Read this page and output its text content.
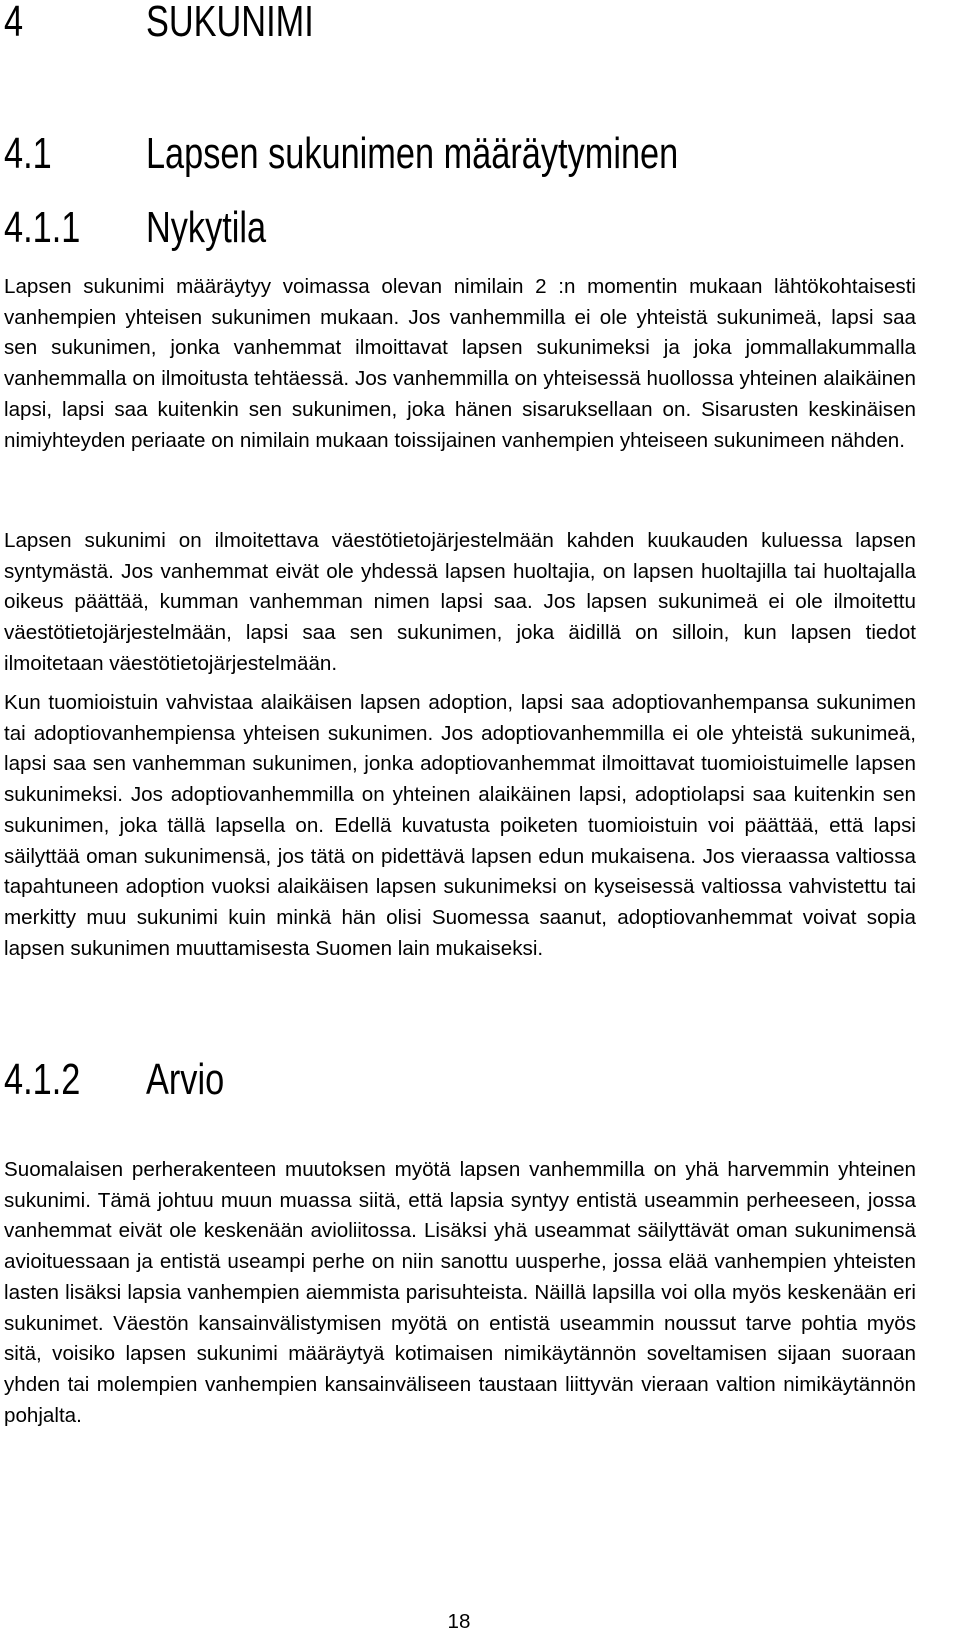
4	SUKUNIMI
4.1 Lapsen sukunimen määräytyminen
4.1.1 Nykytila

Lapsen sukunimi määräytyy voimassa olevan nimilain 2 :n momentin mukaan lähtökohtaisesti vanhempien yhteisen sukunimen mukaan. Jos vanhemmilla ei ole yhteistä sukunimeä, lapsi saa sen sukunimen, jonka vanhemmat ilmoittavat lapsen sukunimeksi ja joka jommallakummalla vanhemmalla on ilmoitusta tehtäessä. Jos vanhemmilla on yhteisessä huollossa yhteinen alaikäinen lapsi, lapsi saa kuitenkin sen sukunimen, joka hänen sisaruksellaan on. Sisarusten keskinäisen nimiyhteyden periaate on nimilain mukaan toissijainen vanhempien yhteiseen sukunimeen nähden.

Lapsen sukunimi on ilmoitettava väestötietojärjestelmään kahden kuukauden kuluessa lapsen syntymästä. Jos vanhemmat eivät ole yhdessä lapsen huoltajia, on lapsen huoltajilla tai huoltajalla oikeus päättää, kumman vanhemman nimen lapsi saa. Jos lapsen sukunimeä ei ole ilmoitettu väestötietojärjestelmään, lapsi saa sen sukunimen, joka äidillä on silloin, kun lapsen tiedot ilmoitetaan väestötietojärjestelmään.

Kun tuomioistuin vahvistaa alaikäisen lapsen adoption, lapsi saa adoptiovanhempansa sukunimen tai adoptiovanhempiensa yhteisen sukunimen. Jos adoptiovanhemmilla ei ole yhteistä sukunimeä, lapsi saa sen vanhemman sukunimen, jonka adoptiovanhemmat ilmoittavat tuomioistuimelle lapsen sukunimeksi. Jos adoptiovanhemmilla on yhteinen alaikäinen lapsi, adoptiolapsi saa kuitenkin sen sukunimen, joka tällä lapsella on. Edellä kuvatusta poiketen tuomioistuin voi päättää, että lapsi säilyttää oman sukunimensä, jos tätä on pidettävä lapsen edun mukaisena. Jos vieraassa valtiossa tapahtuneen adoption vuoksi alaikäisen lapsen sukunimeksi on kyseisessä valtiossa vahvistettu tai merkitty muu sukunimi kuin minkä hän olisi Suomessa saanut, adoptiovanhemmat voivat sopia lapsen sukunimen muuttamisesta Suomen lain mukaiseksi.

4.1.2 Arvio

Suomalaisen perherakenteen muutoksen myötä lapsen vanhemmilla on yhä harvemmin yhteinen sukunimi. Tämä johtuu muun muassa siitä, että lapsia syntyy entistä useammin perheeseen, jossa vanhemmat eivät ole keskenään avioliitossa. Lisäksi yhä useammat säilyttävät oman sukunimensä avioituessaan ja entistä useampi perhe on niin sanottu uusperhe, jossa elää vanhempien yhteisten lasten lisäksi lapsia vanhempien aiemmista parisuhteista. Näillä lapsilla voi olla myös keskenään eri sukunimet. Väestön kansainvälistymisen myötä on entistä useammin noussut tarve pohtia myös sitä, voisiko lapsen sukunimi määräytyä kotimaisen nimikäytännön soveltamisen sijaan suoraan yhden tai molempien vanhempien kansainväliseen taustaan liittyvän vieraan valtion nimikäytännön pohjalta.

18
